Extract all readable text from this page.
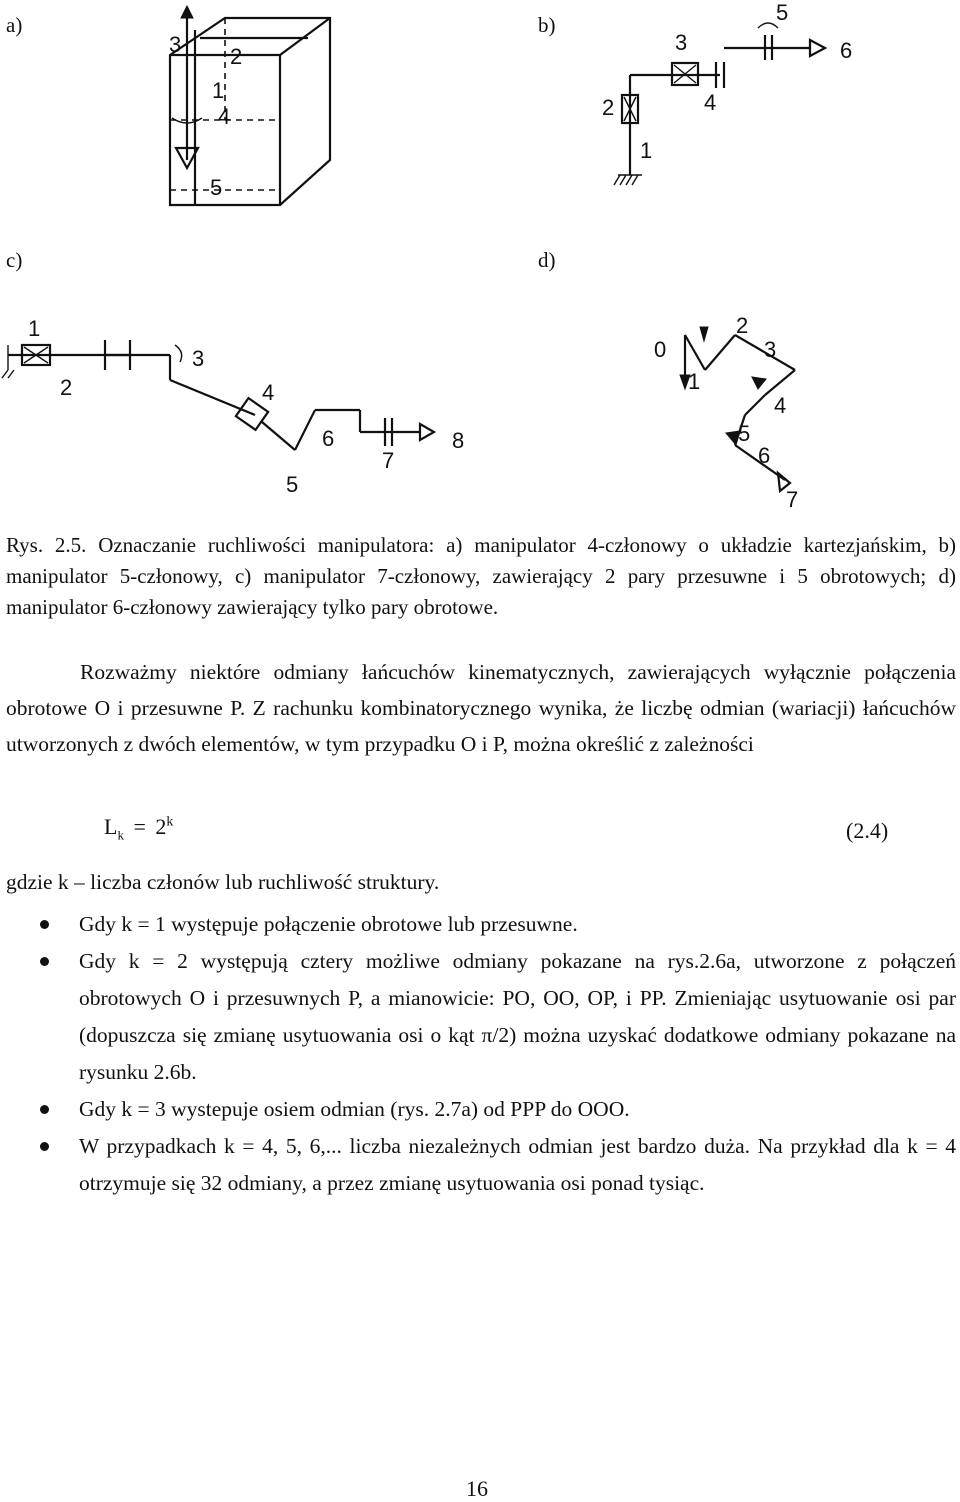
a)	b)
c)	d)
3 2
1
4
5
5
6
3
4
2
1
1
2
3
4
5
6
7
8
0
1
2
3
4
5
6
7
Rys. 2.5. Oznaczanie ruchliwości manipulatora: a) manipulator 4-członowy o układzie kartezjańskim, b) manipulator 5-członowy, c) manipulator 7-członowy, zawierający 2 pary przesuwne i 5 obrotowych; d) manipulator 6-członowy zawierający tylko pary obrotowe.
Rozważmy niektóre odmiany łańcuchów kinematycznych, zawierających wyłącznie połączenia obrotowe O i przesuwne P. Z rachunku kombinatorycznego wynika, że liczbę odmian (wariacji) łańcuchów utworzonych z dwóch elementów, w tym przypadku O i P, można określić z zależności
$L_k = 2^k$	(2.4)
gdzie k – liczba członów lub ruchliwość struktury.
Gdy k = 1 występuje połączenie obrotowe lub przesuwne.
Gdy k = 2 występują cztery możliwe odmiany pokazane na rys.2.6a, utworzone z połączeń obrotowych O i przesuwnych P, a mianowicie: PO, OO, OP, i PP. Zmieniając usytuowanie osi par (dopuszcza się zmianę usytuowania osi o kąt π/2) można uzyskać dodatkowe odmiany pokazane na rysunku 2.6b.
Gdy k = 3 wystepuje osiem odmian (rys. 2.7a) od PPP do OOO.
W przypadkach k = 4, 5, 6,... liczba niezależnych odmian jest bardzo duża. Na przykład dla k = 4 otrzymuje się 32 odmiany, a przez zmianę usytuowania osi ponad tysiąc.
16
